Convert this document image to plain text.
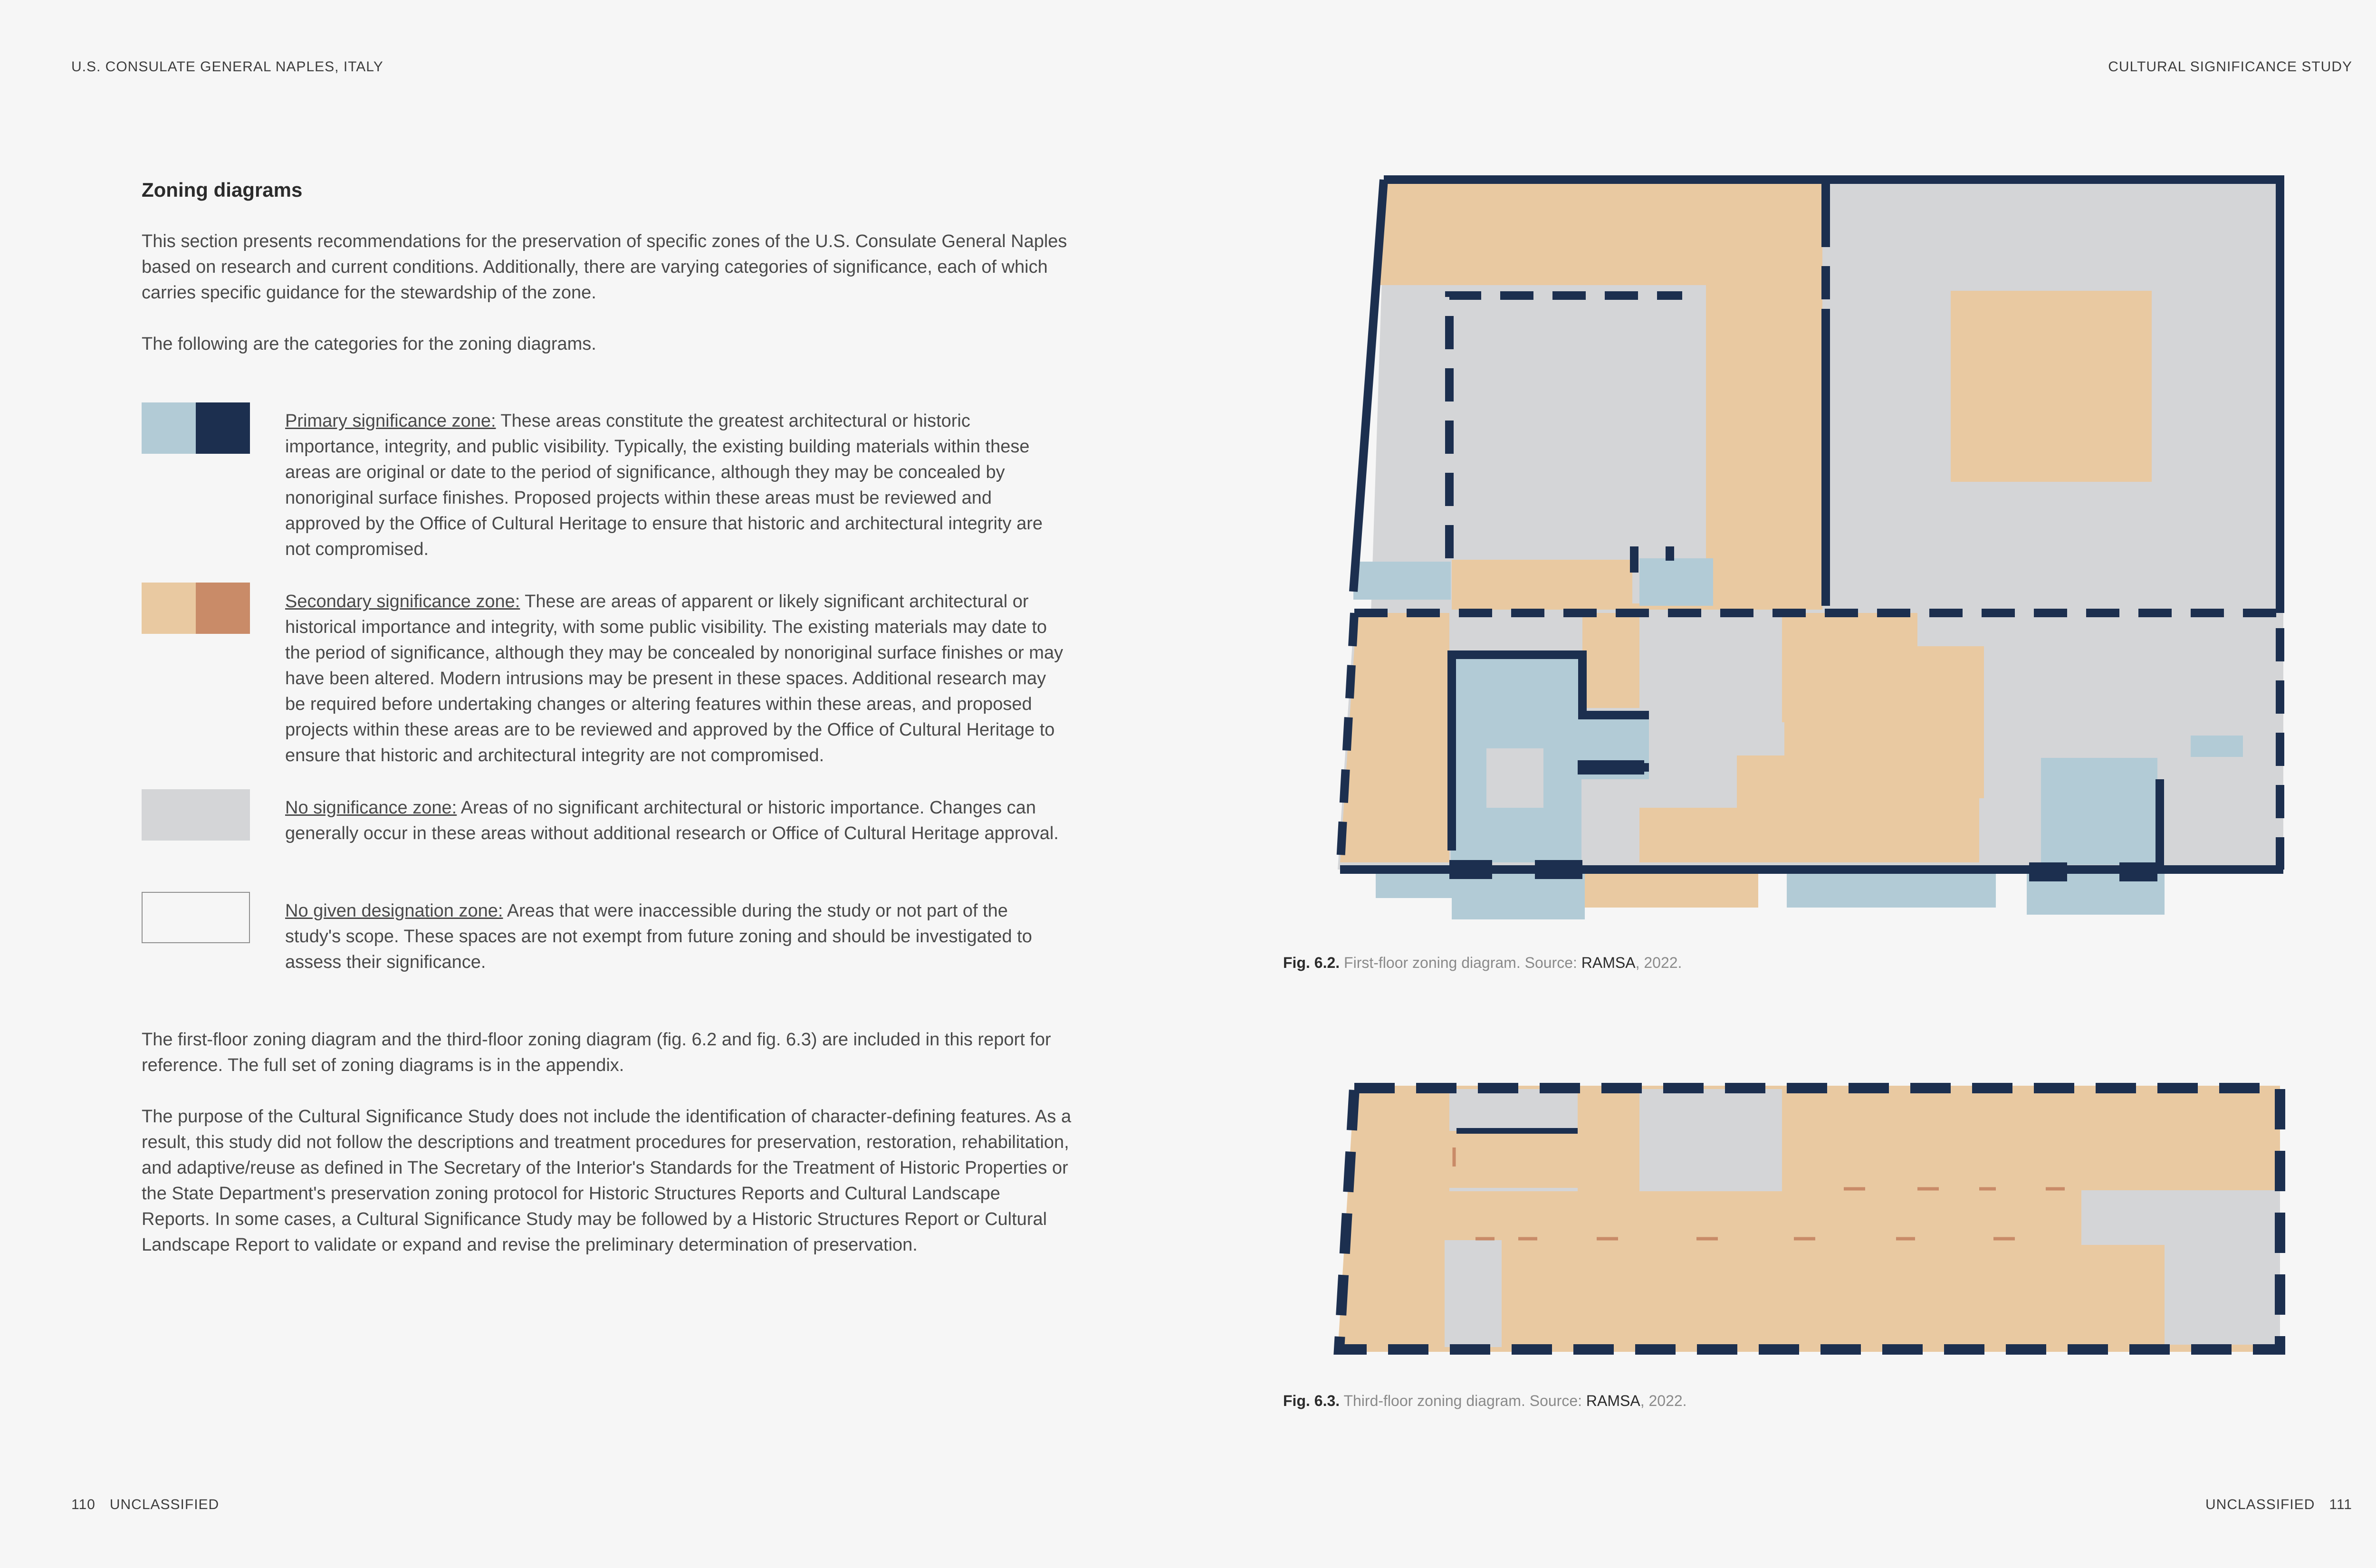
U.S. CONSULATE GENERAL NAPLES, ITALY	CULTURAL SIGNIFICANCE STUDY
Zoning diagrams
This section presents recommendations for the preservation of specific zones of the U.S. Consulate General Naples based on research and current conditions. Additionally, there are varying categories of significance, each of which carries specific guidance for the stewardship of the zone.
The following are the categories for the zoning diagrams.
Primary significance zone: These areas constitute the greatest architectural or historic importance, integrity, and public visibility. Typically, the existing building materials within these areas are original or date to the period of significance, although they may be concealed by nonoriginal surface finishes. Proposed projects within these areas must be reviewed and approved by the Office of Cultural Heritage to ensure that historic and architectural integrity are not compromised.
Secondary significance zone: These are areas of apparent or likely significant architectural or historical importance and integrity, with some public visibility. The existing materials may date to the period of significance, although they may be concealed by nonoriginal surface finishes or may have been altered. Modern intrusions may be present in these spaces. Additional research may be required before undertaking changes or altering features within these areas, and proposed projects within these areas are to be reviewed and approved by the Office of Cultural Heritage to ensure that historic and architectural integrity are not compromised.
No significance zone: Areas of no significant architectural or historic importance. Changes can generally occur in these areas without additional research or Office of Cultural Heritage approval.
No given designation zone: Areas that were inaccessible during the study or not part of the study's scope. These spaces are not exempt from future zoning and should be investigated to assess their significance.
The first-floor zoning diagram and the third-floor zoning diagram (fig. 6.2 and fig. 6.3) are included in this report for reference. The full set of zoning diagrams is in the appendix.
The purpose of the Cultural Significance Study does not include the identification of character-defining features. As a result, this study did not follow the descriptions and treatment procedures for preservation, restoration, rehabilitation, and adaptive/reuse as defined in The Secretary of the Interior's Standards for the Treatment of Historic Properties or the State Department's preservation zoning protocol for Historic Structures Reports and Cultural Landscape Reports. In some cases, a Cultural Significance Study may be followed by a Historic Structures Report or Cultural Landscape Report to validate or expand and revise the preliminary determination of preservation.
Fig. 6.2. First-floor zoning diagram. Source: RAMSA, 2022.
Fig. 6.3. Third-floor zoning diagram. Source: RAMSA, 2022.
110 UNCLASSIFIED	UNCLASSIFIED 111
